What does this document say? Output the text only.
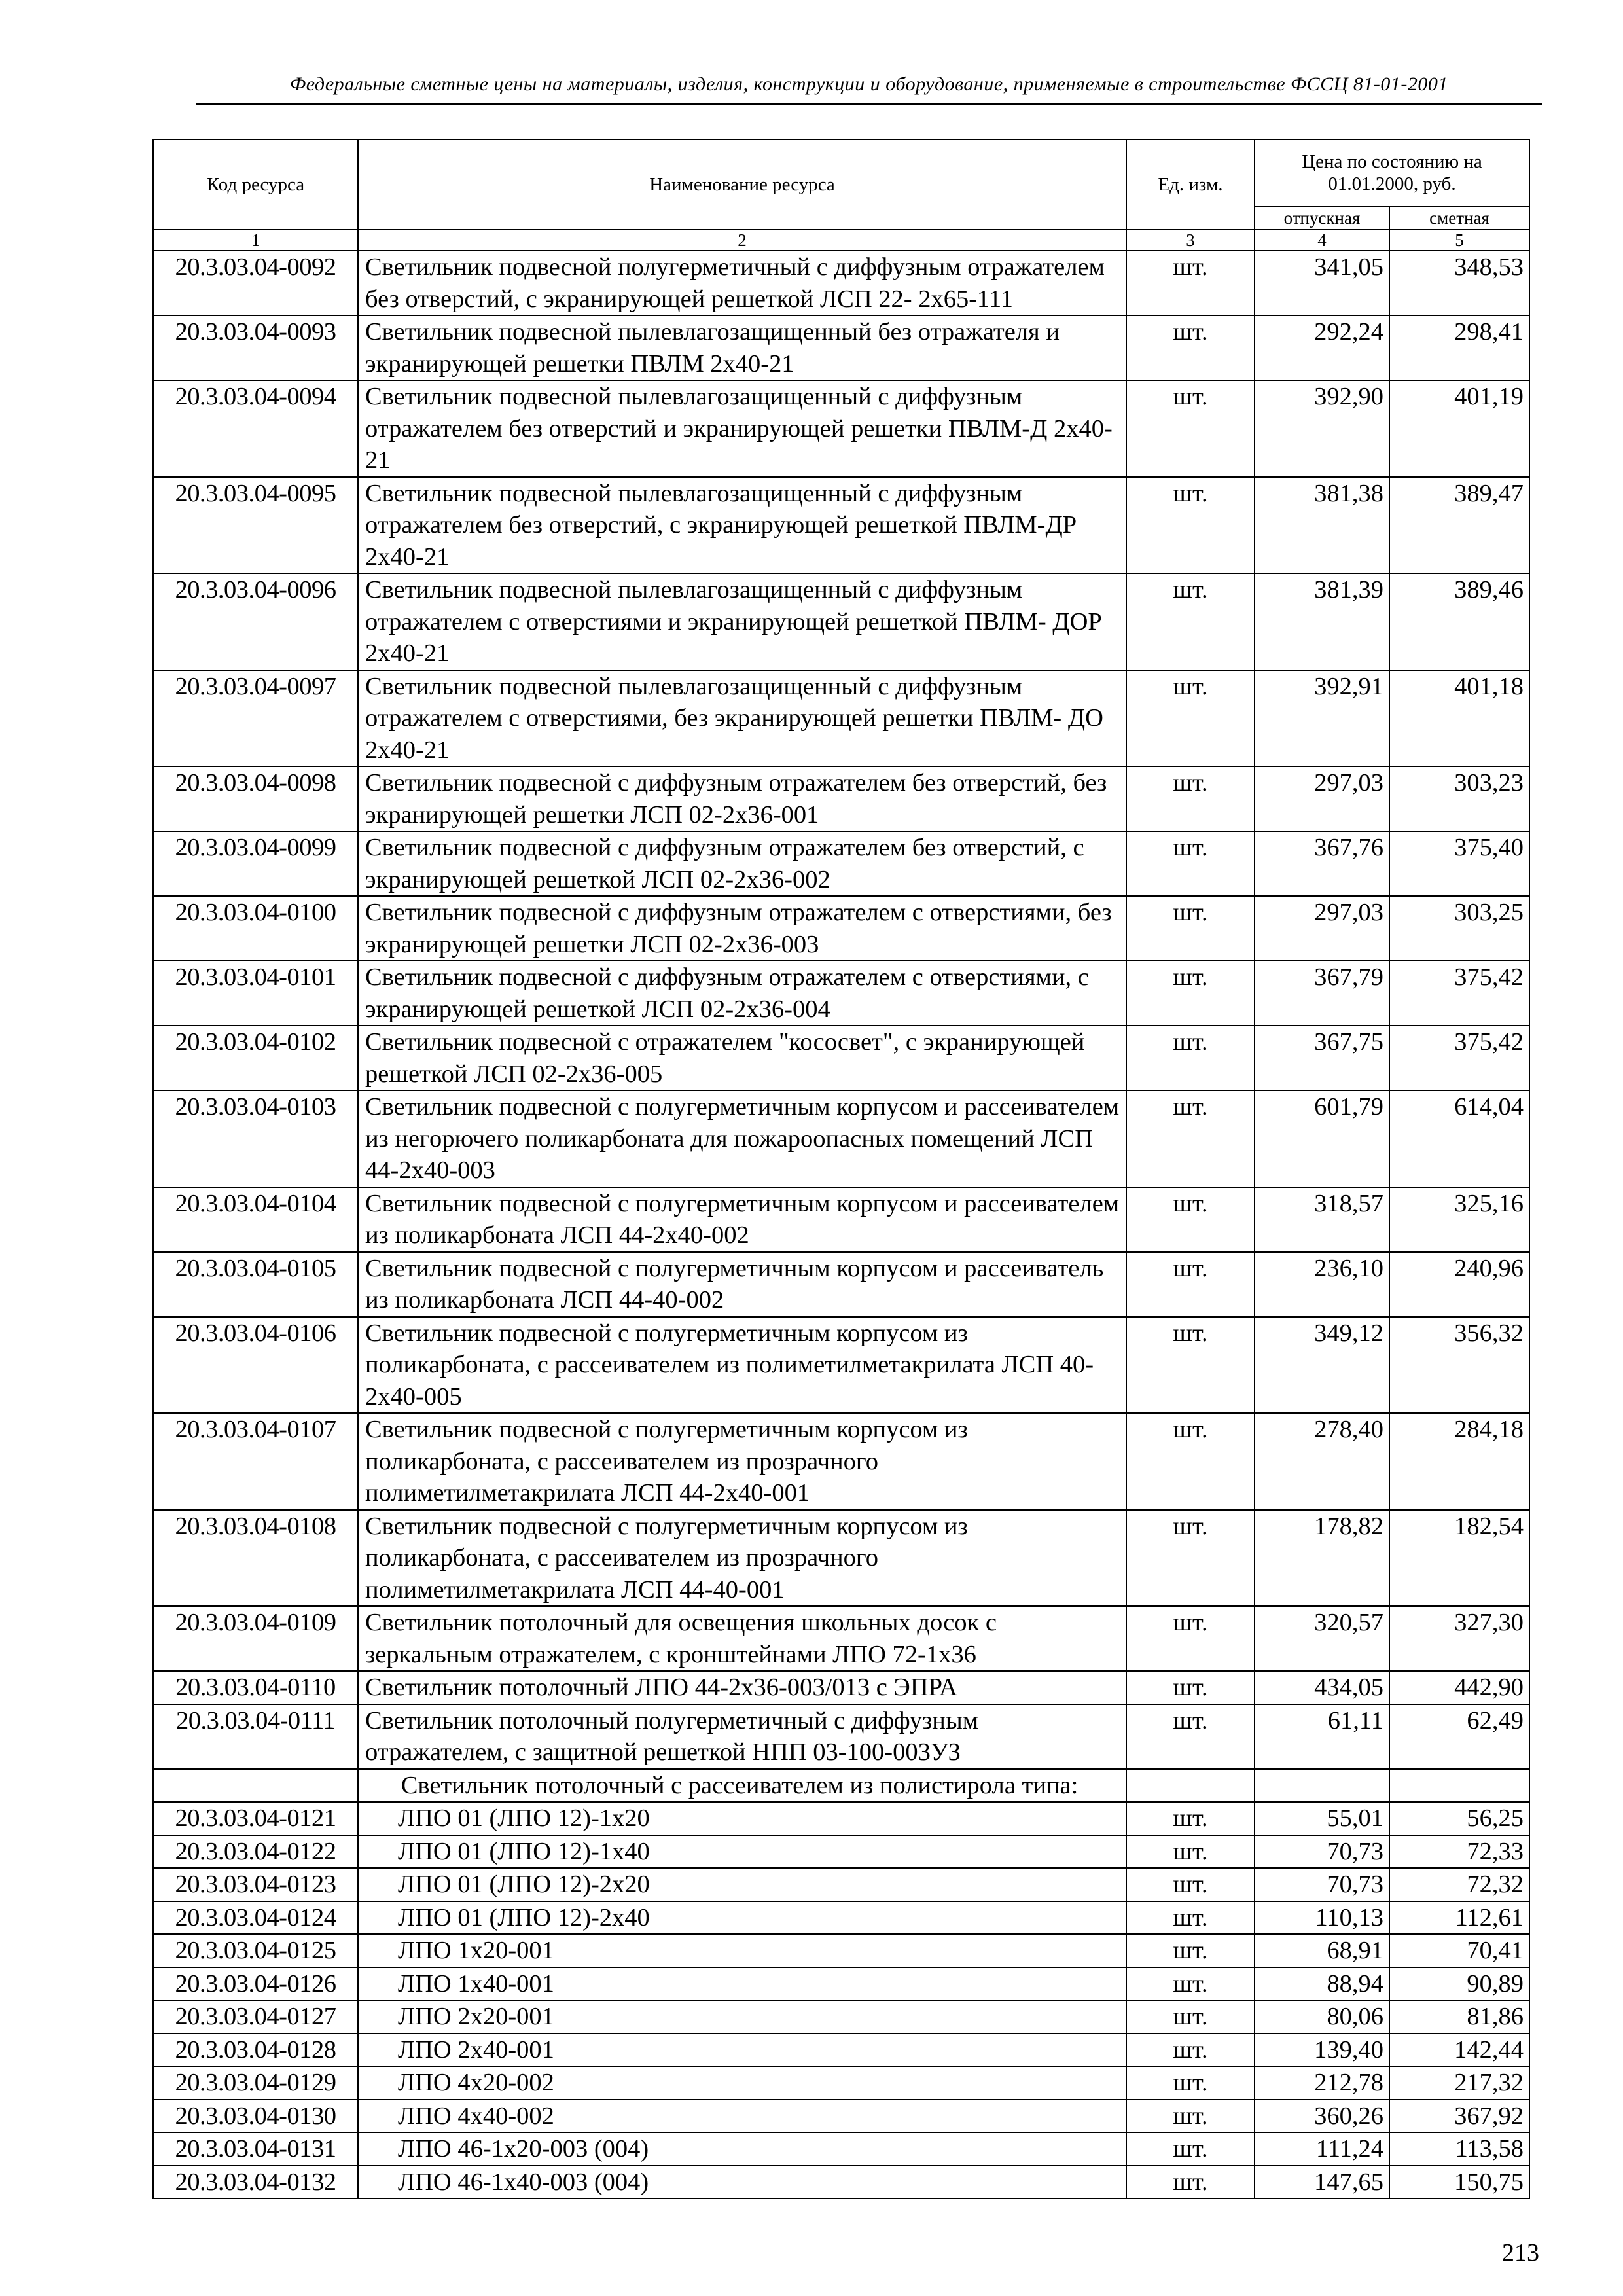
Федеральные сметные цены на материалы, изделия, конструкции и оборудование, применяемые в строительстве ФССЦ 81-01-2001
Код ресурса	Наименование ресурса	Ед. изм.	Цена по состоянию на 01.01.2000, руб.	
			отпускная	сметная
1	2	3	4	5
20.3.03.04-0092	Светильник подвесной полугерметичный с диффузным отражателем без отверстий, с экранирующей решеткой ЛСП 22- 2х65-111	шт.	341,05	348,53
20.3.03.04-0093	Светильник подвесной пылевлагозащищенный без отражателя и экранирующей решетки ПВЛМ 2х40-21	шт.	292,24	298,41
20.3.03.04-0094	Светильник подвесной пылевлагозащищенный с диффузным отражателем без отверстий и экранирующей решетки ПВЛМ-Д 2х40-21	шт.	392,90	401,19
20.3.03.04-0095	Светильник подвесной пылевлагозащищенный с диффузным отражателем без отверстий, с экранирующей решеткой ПВЛМ-ДР 2х40-21	шт.	381,38	389,47
20.3.03.04-0096	Светильник подвесной пылевлагозащищенный с диффузным отражателем с отверстиями и экранирующей решеткой ПВЛМ- ДОР 2х40-21	шт.	381,39	389,46
20.3.03.04-0097	Светильник подвесной пылевлагозащищенный с диффузным отражателем с отверстиями, без экранирующей решетки ПВЛМ- ДО 2х40-21	шт.	392,91	401,18
20.3.03.04-0098	Светильник подвесной с диффузным отражателем без отверстий, без экранирующей решетки ЛСП 02-2х36-001	шт.	297,03	303,23
20.3.03.04-0099	Светильник подвесной с диффузным отражателем без отверстий, с экранирующей решеткой ЛСП 02-2х36-002	шт.	367,76	375,40
20.3.03.04-0100	Светильник подвесной с диффузным отражателем с отверстиями, без экранирующей решетки ЛСП 02-2х36-003	шт.	297,03	303,25
20.3.03.04-0101	Светильник подвесной с диффузным отражателем с отверстиями, с экранирующей решеткой ЛСП 02-2х36-004	шт.	367,79	375,42
20.3.03.04-0102	Светильник подвесной с отражателем "кососвет", с экранирующей решеткой ЛСП 02-2х36-005	шт.	367,75	375,42
20.3.03.04-0103	Светильник подвесной с полугерметичным корпусом и рассеивателем из негорючего поликарбоната для пожароопасных помещений ЛСП 44-2х40-003	шт.	601,79	614,04
20.3.03.04-0104	Светильник подвесной с полугерметичным корпусом и рассеивателем из поликарбоната ЛСП 44-2х40-002	шт.	318,57	325,16
20.3.03.04-0105	Светильник подвесной с полугерметичным корпусом и рассеиватель из поликарбоната ЛСП 44-40-002	шт.	236,10	240,96
20.3.03.04-0106	Светильник подвесной с полугерметичным корпусом из поликарбоната, с рассеивателем из полиметилметакрилата ЛСП 40-2х40-005	шт.	349,12	356,32
20.3.03.04-0107	Светильник подвесной с полугерметичным корпусом из поликарбоната, с рассеивателем из прозрачного полиметилметакрилата ЛСП 44-2х40-001	шт.	278,40	284,18
20.3.03.04-0108	Светильник подвесной с полугерметичным корпусом из поликарбоната, с рассеивателем из прозрачного полиметилметакрилата ЛСП 44-40-001	шт.	178,82	182,54
20.3.03.04-0109	Светильник потолочный для освещения школьных досок с зеркальным отражателем, с кронштейнами ЛПО 72-1х36	шт.	320,57	327,30
20.3.03.04-0110	Светильник потолочный ЛПО 44-2х36-003/013 с ЭПРА	шт.	434,05	442,90
20.3.03.04-0111	Светильник потолочный полугерметичный с диффузным отражателем, с защитной решеткой НПП 03-100-003УЗ	шт.	61,11	62,49
	Светильник потолочный с рассеивателем из полистирола типа:			
20.3.03.04-0121	ЛПО 01 (ЛПО 12)-1х20	шт.	55,01	56,25
20.3.03.04-0122	ЛПО 01 (ЛПО 12)-1х40	шт.	70,73	72,33
20.3.03.04-0123	ЛПО 01 (ЛПО 12)-2х20	шт.	70,73	72,32
20.3.03.04-0124	ЛПО 01 (ЛПО 12)-2х40	шт.	110,13	112,61
20.3.03.04-0125	ЛПО 1х20-001	шт.	68,91	70,41
20.3.03.04-0126	ЛПО 1х40-001	шт.	88,94	90,89
20.3.03.04-0127	ЛПО 2х20-001	шт.	80,06	81,86
20.3.03.04-0128	ЛПО 2х40-001	шт.	139,40	142,44
20.3.03.04-0129	ЛПО 4х20-002	шт.	212,78	217,32
20.3.03.04-0130	ЛПО 4х40-002	шт.	360,26	367,92
20.3.03.04-0131	ЛПО 46-1х20-003 (004)	шт.	111,24	113,58
20.3.03.04-0132	ЛПО 46-1х40-003 (004)	шт.	147,65	150,75
213
